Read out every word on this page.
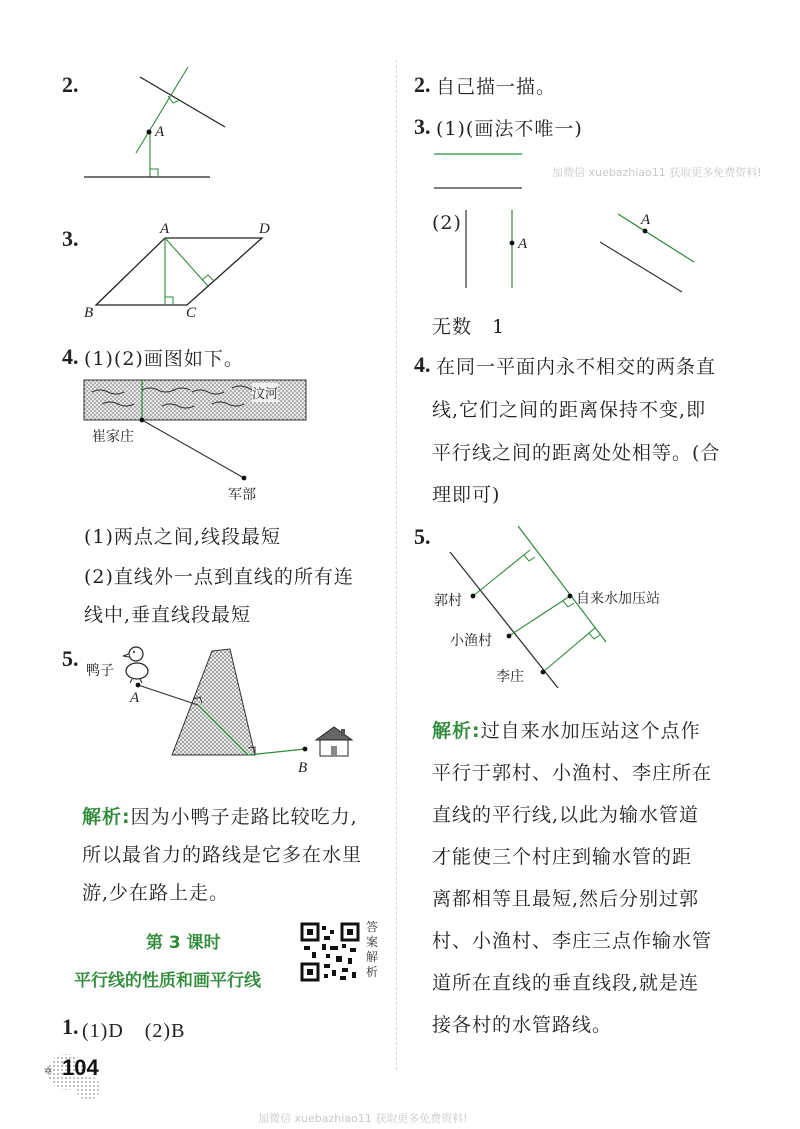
2.
A
3.	A	D
B	C
4. (1)(2)画图如下。
汶河
崔家庄
军部
(1)两点之间,线段最短
(2)直线外一点到直线的所有连
线中,垂直线段最短
5. 鸭子
A
B
解析:因为小鸭子走路比较吃力,
所以最省力的路线是它多在水里
游,少在路上走。
第 3 课时
平行线的性质和画平行线
答
案
解
析
1. (1)D　(2)B
✲ 104
2. 自己描一描。
3. (1)(画法不唯一)
加微信 xuebazhiao11 获取更多免费资料!
(2)
A
A
无数　1
4. 在同一平面内永不相交的两条直
线,它们之间的距离保持不变,即
平行线之间的距离处处相等。(合
理即可)
5.
自来水加压站
郭村
小渔村
李庄
解析:过自来水加压站这个点作
平行于郭村、小渔村、李庄所在
直线的平行线,以此为输水管道
才能使三个村庄到输水管的距
离都相等且最短,然后分别过郭
村、小渔村、李庄三点作输水管
道所在直线的垂直线段,就是连
接各村的水管路线。
加微信 xuebazhiao11 获取更多免费资料!
